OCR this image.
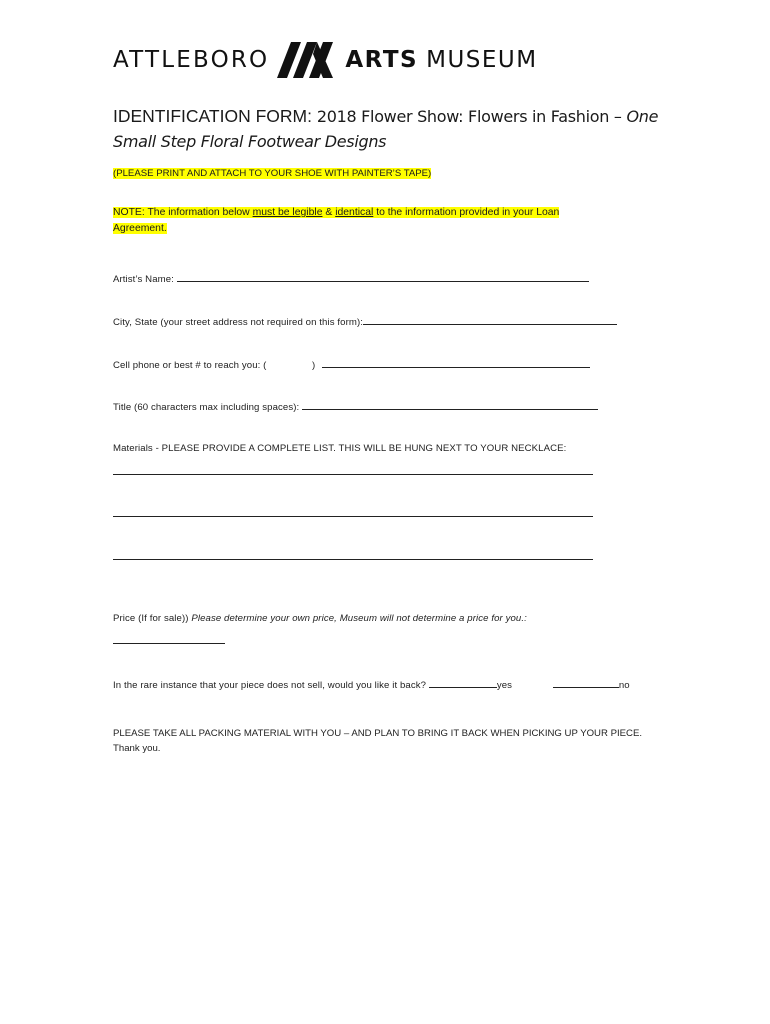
ATTLEBORO	ARTS MUSEUM
IDENTIFICATION FORM: 2018 Flower Show: Flowers in Fashion – One
Small Step Floral Footwear Designs
(PLEASE PRINT AND ATTACH TO YOUR SHOE WITH PAINTER’S TAPE)
NOTE: The information below must be legible & identical to the information provided in your Loan Agreement.
Artist’s Name:
City, State (your street address not required on this form):
Cell phone or best # to reach you: (	)
Title (60 characters max including spaces):
Materials - PLEASE PROVIDE A COMPLETE LIST. THIS WILL BE HUNG NEXT TO YOUR NECKLACE:
Price (If for sale)) Please determine your own price, Museum will not determine a price for you.:
In the rare instance that your piece does not sell, would you like it back?	yes	no
PLEASE TAKE ALL PACKING MATERIAL WITH YOU – AND PLAN TO BRING IT BACK WHEN PICKING UP YOUR PIECE. Thank you.
